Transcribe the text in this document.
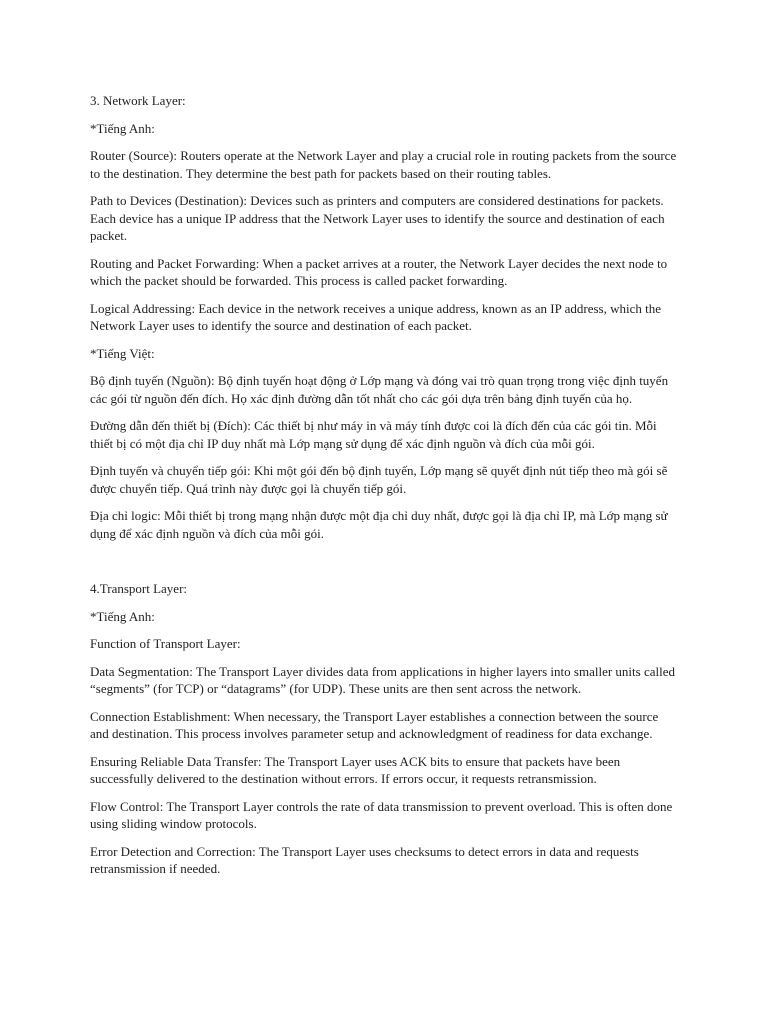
3. Network Layer:

*Tiếng Anh:

Router (Source): Routers operate at the Network Layer and play a crucial role in routing packets from the source to the destination. They determine the best path for packets based on their routing tables.

Path to Devices (Destination): Devices such as printers and computers are considered destinations for packets. Each device has a unique IP address that the Network Layer uses to identify the source and destination of each packet.

Routing and Packet Forwarding: When a packet arrives at a router, the Network Layer decides the next node to which the packet should be forwarded. This process is called packet forwarding.

Logical Addressing: Each device in the network receives a unique address, known as an IP address, which the Network Layer uses to identify the source and destination of each packet.

*Tiếng Việt:

Bộ định tuyến (Nguồn): Bộ định tuyến hoạt động ở Lớp mạng và đóng vai trò quan trọng trong việc định tuyến các gói từ nguồn đến đích. Họ xác định đường dẫn tốt nhất cho các gói dựa trên bảng định tuyến của họ.

Đường dẫn đến thiết bị (Đích): Các thiết bị như máy in và máy tính được coi là đích đến của các gói tin. Mỗi thiết bị có một địa chỉ IP duy nhất mà Lớp mạng sử dụng để xác định nguồn và đích của mỗi gói.

Định tuyến và chuyển tiếp gói: Khi một gói đến bộ định tuyến, Lớp mạng sẽ quyết định nút tiếp theo mà gói sẽ được chuyển tiếp. Quá trình này được gọi là chuyển tiếp gói.

Địa chỉ logic: Mỗi thiết bị trong mạng nhận được một địa chỉ duy nhất, được gọi là địa chỉ IP, mà Lớp mạng sử dụng để xác định nguồn và đích của mỗi gói.

4.Transport Layer:

*Tiếng Anh:

Function of Transport Layer:

Data Segmentation: The Transport Layer divides data from applications in higher layers into smaller units called “segments” (for TCP) or “datagrams” (for UDP). These units are then sent across the network.

Connection Establishment: When necessary, the Transport Layer establishes a connection between the source and destination. This process involves parameter setup and acknowledgment of readiness for data exchange.

Ensuring Reliable Data Transfer: The Transport Layer uses ACK bits to ensure that packets have been successfully delivered to the destination without errors. If errors occur, it requests retransmission.

Flow Control: The Transport Layer controls the rate of data transmission to prevent overload. This is often done using sliding window protocols.

Error Detection and Correction: The Transport Layer uses checksums to detect errors in data and requests retransmission if needed.
